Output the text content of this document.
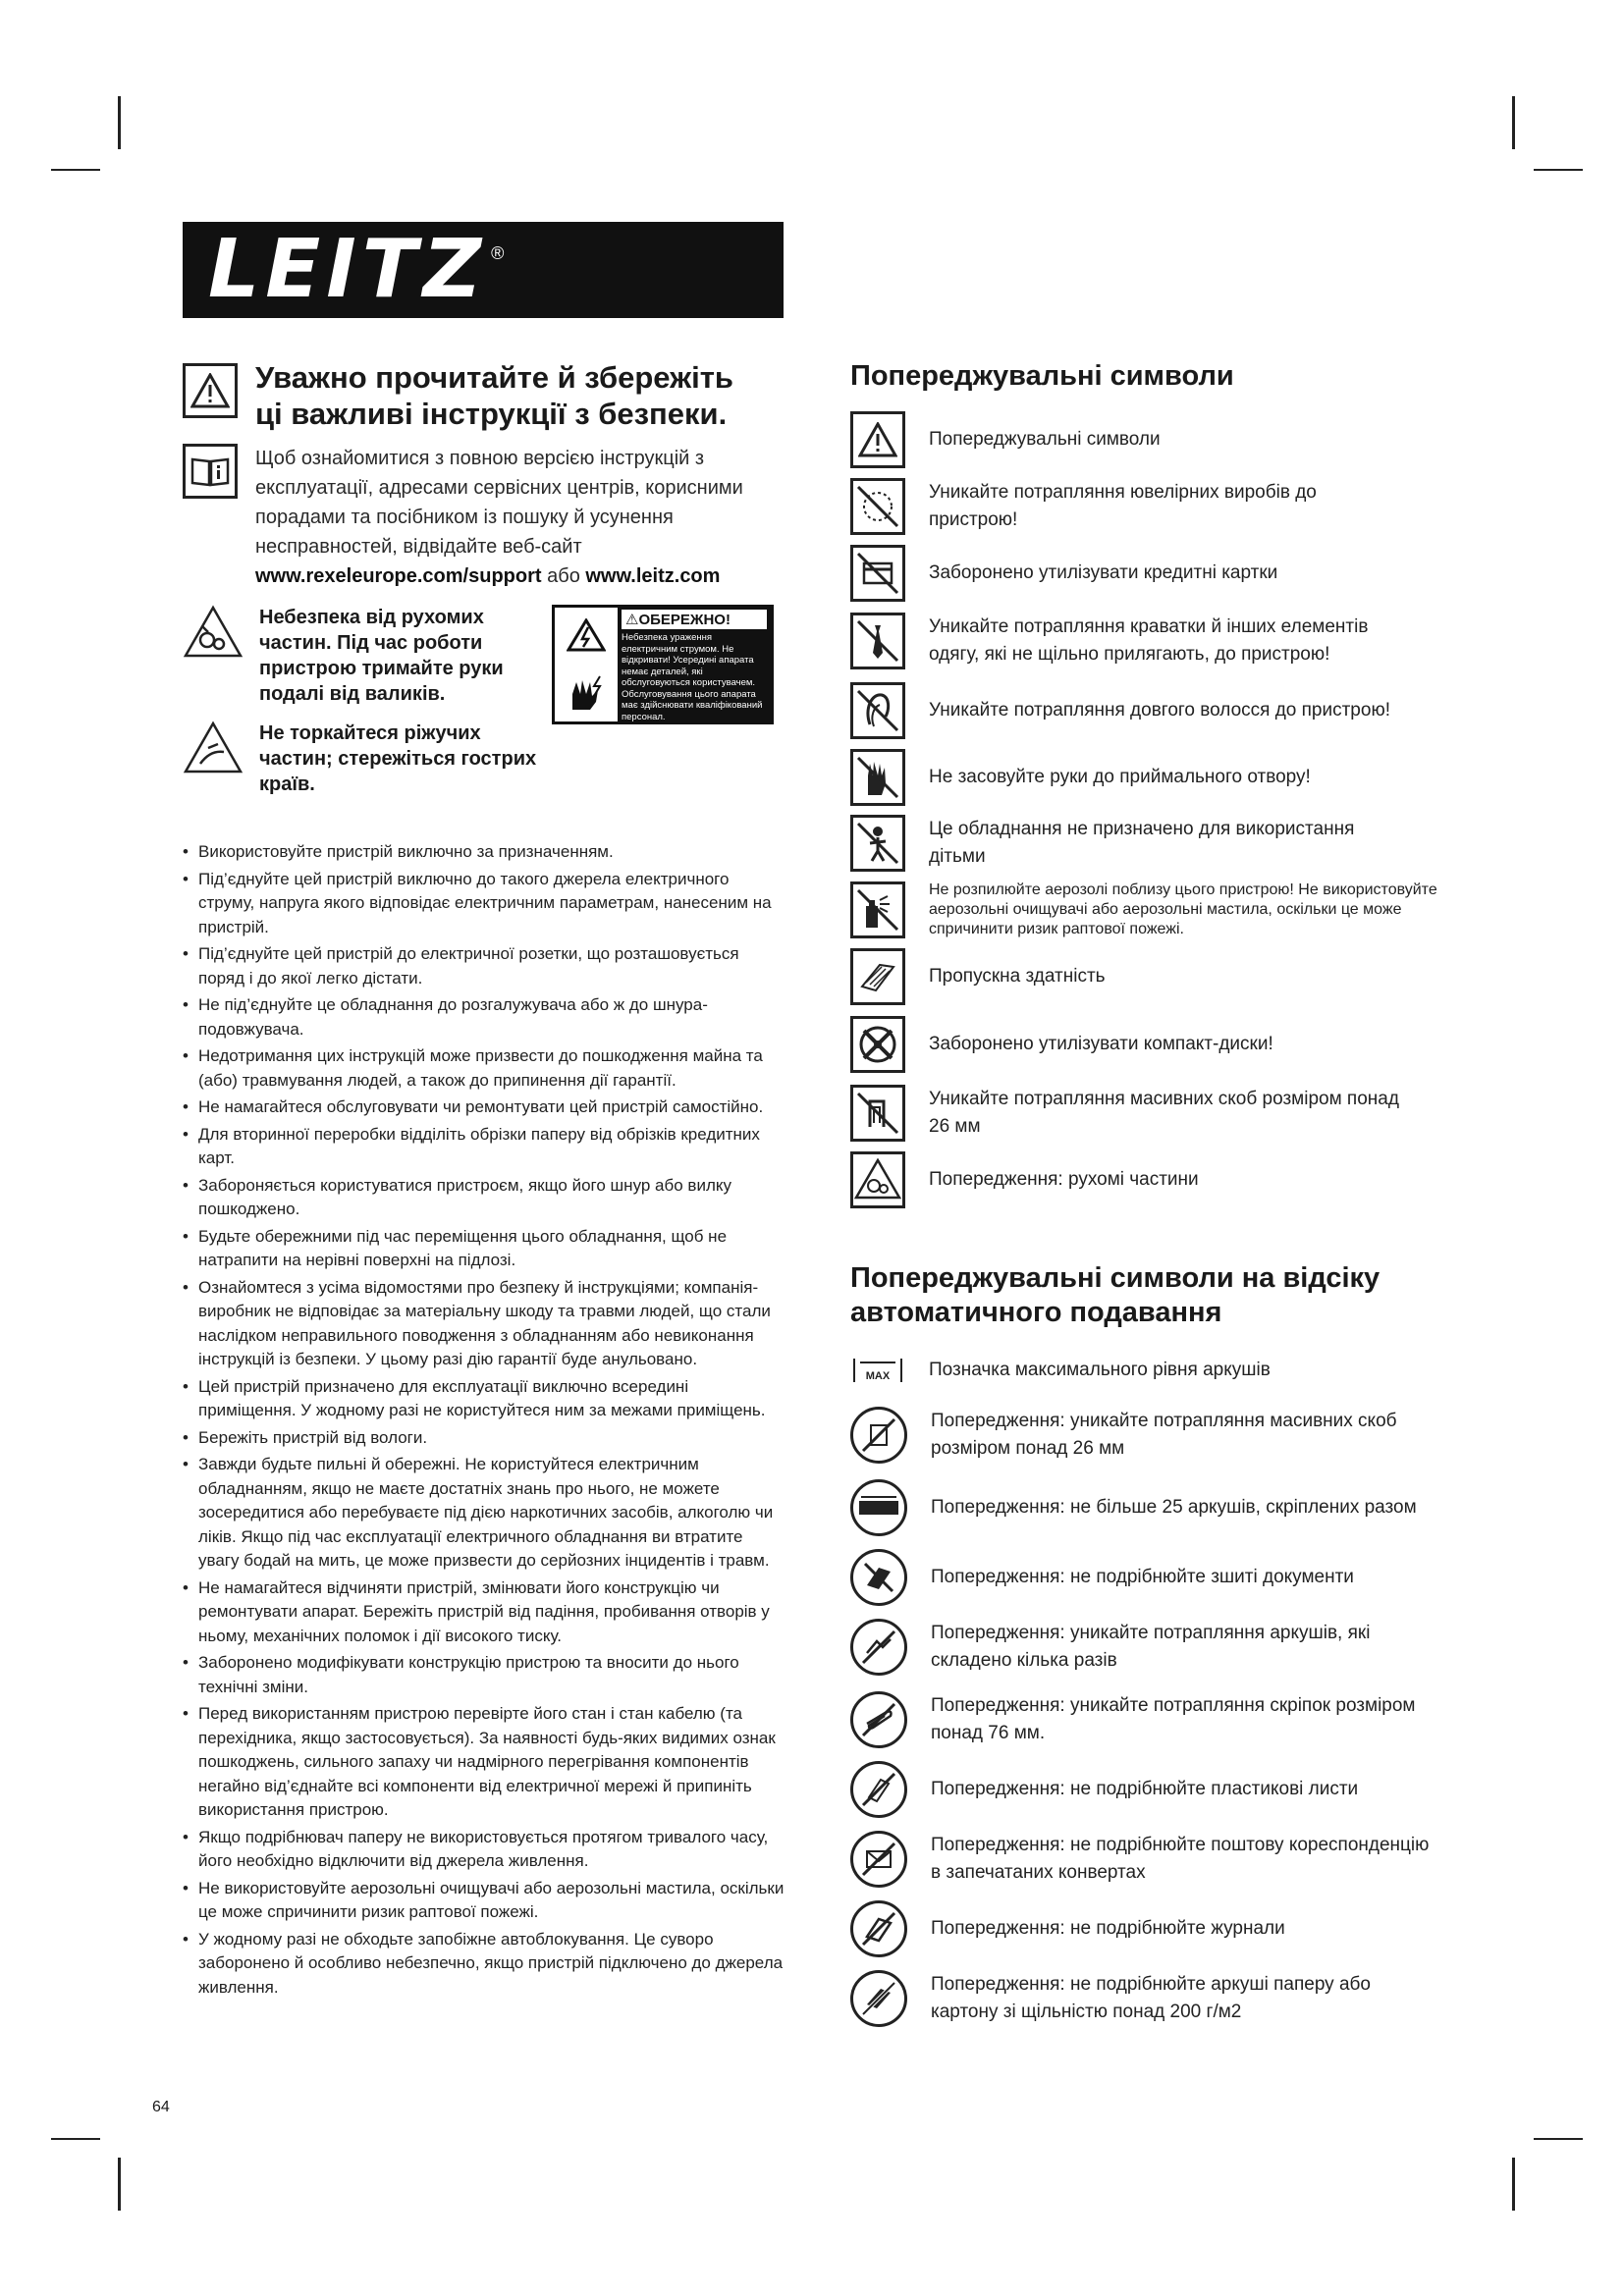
LEITZ ®
Уважно прочитайте й збережіть ці важливі інструкції з безпеки.
Щоб ознайомитися з повною версією інструкцій з експлуатації, адресами сервісних центрів, корисними порадами та посібником із пошуку й усунення несправностей, відвідайте веб-сайт www.rexeleurope.com/support або www.leitz.com
Небезпека від рухомих частин. Під час роботи пристрою тримайте руки подалі від валиків.
Не торкайтеся ріжучих частин; стережіться гострих країв.
⚠ОБЕРЕЖНО!
Небезпека ураження електричним струмом. Не відкривати! Усередині апарата немає деталей, які обслуговуються користувачем. Обслуговування цього апарата має здійснювати кваліфікований персонал.
• Використовуйте пристрій виключно за призначенням.
• Під’єднуйте цей пристрій виключно до такого джерела електричного струму, напруга якого відповідає електричним параметрам, нанесеним на пристрій.
• Під’єднуйте цей пристрій до електричної розетки, що розташовується поряд і до якої легко дістати.
• Не під’єднуйте це обладнання до розгалужувача або ж до шнура-подовжувача.
• Недотримання цих інструкцій може призвести до пошкодження майна та (або) травмування людей, а також до припинення дії гарантії.
• Не намагайтеся обслуговувати чи ремонтувати цей пристрій самостійно.
• Для вторинної переробки відділіть обрізки паперу від обрізків кредитних карт.
• Забороняється користуватися пристроєм, якщо його шнур або вилку пошкоджено.
• Будьте обережними під час переміщення цього обладнання, щоб не натрапити на нерівні поверхні на підлозі.
• Ознайомтеся з усіма відомостями про безпеку й інструкціями; компанія-виробник не відповідає за матеріальну шкоду та травми людей, що стали наслідком неправильного поводження з обладнанням або невиконання інструкцій із безпеки. У цьому разі дію гарантії буде анульовано.
• Цей пристрій призначено для експлуатації виключно всередині приміщення. У жодному разі не користуйтеся ним за межами приміщень.
• Бережіть пристрій від вологи.
• Завжди будьте пильні й обережні. Не користуйтеся електричним обладнанням, якщо не маєте достатніх знань про нього, не можете зосередитися або перебуваєте під дією наркотичних засобів, алкоголю чи ліків. Якщо під час експлуатації електричного обладнання ви втратите увагу бодай на мить, це може призвести до серйозних інцидентів і травм.
• Не намагайтеся відчиняти пристрій, змінювати його конструкцію чи ремонтувати апарат. Бережіть пристрій від падіння, пробивання отворів у ньому, механічних поломок і дії високого тиску.
• Заборонено модифікувати конструкцію пристрою та вносити до нього технічні зміни.
• Перед використанням пристрою перевірте його стан і стан кабелю (та перехідника, якщо застосовується). За наявності будь-яких видимих ознак пошкоджень, сильного запаху чи надмірного перегрівання компонентів негайно від’єднайте всі компоненти від електричної мережі й припиніть використання пристрою.
• Якщо подрібнювач паперу не використовується протягом тривалого часу, його необхідно відключити від джерела живлення.
• Не використовуйте аерозольні очищувачі або аерозольні мастила, оскільки це може спричинити ризик раптової пожежі.
• У жодному разі не обходьте запобіжне автоблокування. Це суворо заборонено й особливо небезпечно, якщо пристрій підключено до джерела живлення.
Попереджувальні символи
Попереджувальні символи
Уникайте потрапляння ювелірних виробів до пристрою!
Заборонено утилізувати кредитні картки
Уникайте потрапляння краватки й інших елементів одягу, які не щільно прилягають, до пристрою!
Уникайте потрапляння довгого волосся до пристрою!
Не засовуйте руки до приймального отвору!
Це обладнання не призначено для використання дітьми
Не розпилюйте аерозолі поблизу цього пристрою! Не використовуйте аерозольні очищувачі або аерозольні мастила, оскільки це може спричинити ризик раптової пожежі.
Пропускна здатність
Заборонено утилізувати компакт-диски!
Уникайте потрапляння масивних скоб розміром понад 26 мм
Попередження: рухомі частини
Попереджувальні символи на відсіку автоматичного подавання
MAX Позначка максимального рівня аркушів
Попередження: уникайте потрапляння масивних скоб розміром понад 26 мм
Попередження: не більше 25 аркушів, скріплених разом
Попередження: не подрібнюйте зшиті документи
Попередження: уникайте потрапляння аркушів, які складено кілька разів
Попередження: уникайте потрапляння скріпок розміром понад 76 мм.
Попередження: не подрібнюйте пластикові листи
Попередження: не подрібнюйте поштову кореспонденцію в запечатаних конвертах
Попередження: не подрібнюйте журнали
Попередження: не подрібнюйте аркуші паперу або картону зі щільністю понад 200 г/м2
64
